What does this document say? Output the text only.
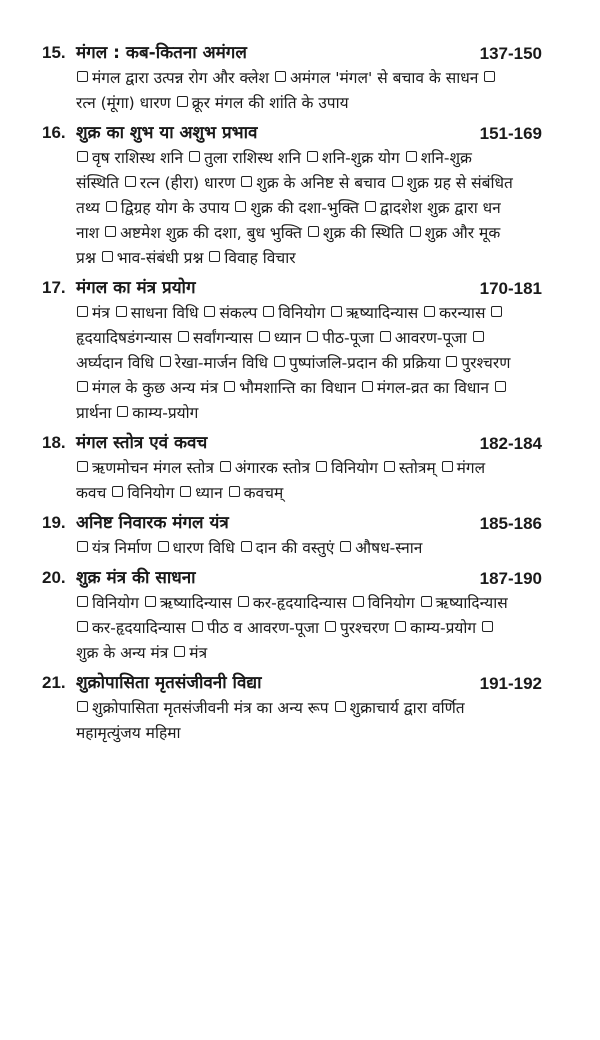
15. मंगल : कब-कितना अमंगल	137-150
मंगल द्वारा उत्पन्न रोग और क्लेश अमंगल 'मंगल' से बचाव के साधन रत्न (मूंगा) धारण क्रूर मंगल की शांति के उपाय
16. शुक्र का शुभ या अशुभ प्रभाव	151-169
वृष राशिस्थ शनि तुला राशिस्थ शनि शनि-शुक्र योग शनि-शुक्र संस्थिति रत्न (हीरा) धारण शुक्र के अनिष्ट से बचाव शुक्र ग्रह से संबंधित तथ्य द्विग्रह योग के उपाय शुक्र की दशा-भुक्ति द्वादशेश शुक्र द्वारा धन नाश अष्टमेश शुक्र की दशा, बुध भुक्ति शुक्र की स्थिति शुक्र और मूक प्रश्न भाव-संबंधी प्रश्न विवाह विचार
17. मंगल का मंत्र प्रयोग	170-181
मंत्र साधना विधि संकल्प विनियोग ऋष्यादिन्यास करन्यास हृदयादिषडंगन्यास सर्वांगन्यास ध्यान पीठ-पूजा आवरण-पूजा अर्घ्यदान विधि रेखा-मार्जन विधि पुष्पांजलि-प्रदान की प्रक्रिया पुरश्चरण मंगल के कुछ अन्य मंत्र भौमशान्ति का विधान मंगल-व्रत का विधान प्रार्थना काम्य-प्रयोग
18. मंगल स्तोत्र एवं कवच	182-184
ऋणमोचन मंगल स्तोत्र अंगारक स्तोत्र विनियोग स्तोत्रम् मंगल कवच विनियोग ध्यान कवचम्
19. अनिष्ट निवारक मंगल यंत्र	185-186
यंत्र निर्माण धारण विधि दान की वस्तुएं औषध-स्नान
20. शुक्र मंत्र की साधना	187-190
विनियोग ऋष्यादिन्यास कर-हृदयादिन्यास विनियोग ऋष्यादिन्यास कर-हृदयादिन्यास पीठ व आवरण-पूजा पुरश्चरण काम्य-प्रयोग शुक्र के अन्य मंत्र मंत्र
21. शुक्रोपासिता मृतसंजीवनी विद्या	191-192
शुक्रोपासिता मृतसंजीवनी मंत्र का अन्य रूप शुक्राचार्य द्वारा वर्णित महामृत्युंजय महिमा
